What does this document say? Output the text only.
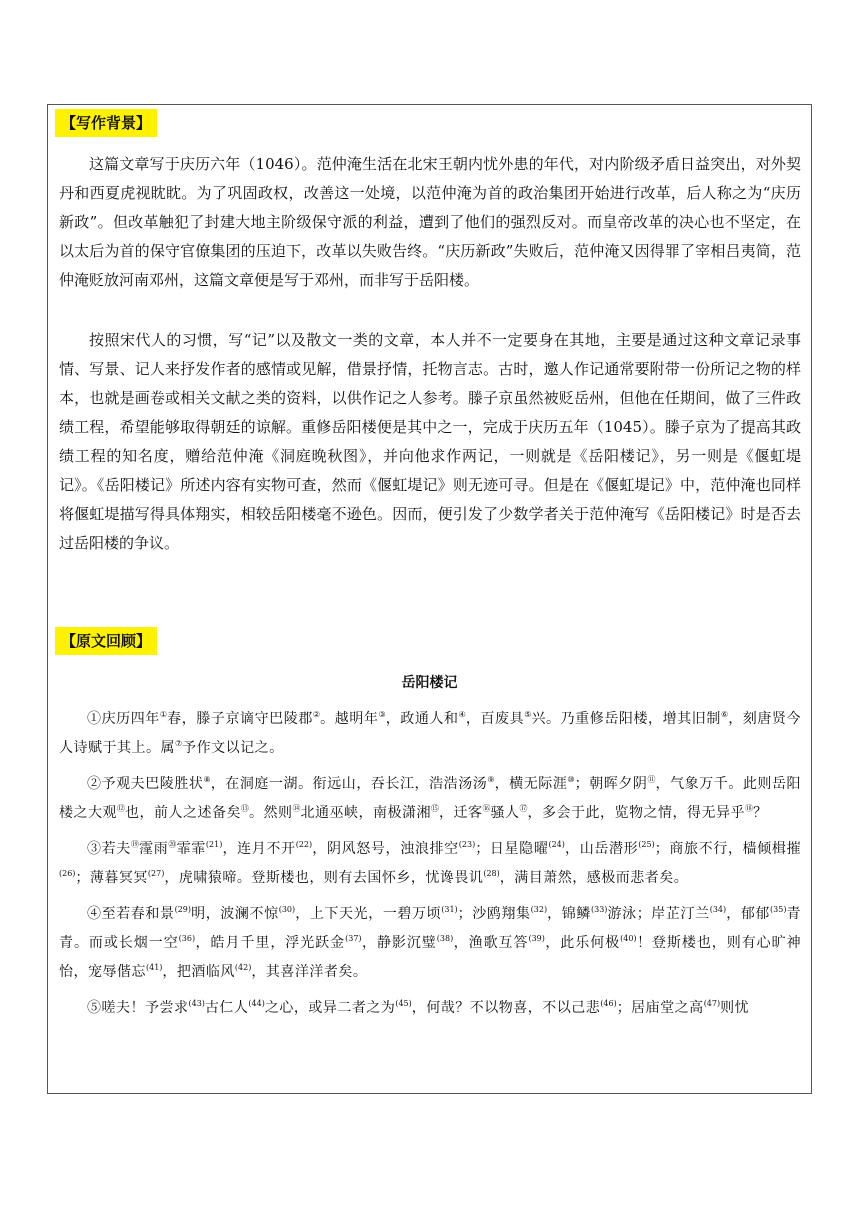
【写作背景】

这篇文章写于庆历六年（1046）。范仲淹生活在北宋王朝内忧外患的年代，对内阶级矛盾日益突出，对外契丹和西夏虎视眈眈。为了巩固政权，改善这一处境，以范仲淹为首的政治集团开始进行改革，后人称之为“庆历新政”。但改革触犯了封建大地主阶级保守派的利益，遭到了他们的强烈反对。而皇帝改革的决心也不坚定，在以太后为首的保守官僚集团的压迫下，改革以失败告终。“庆历新政”失败后，范仲淹又因得罪了宰相吕夷简，范仲淹贬放河南邓州，这篇文章便是写于邓州，而非写于岳阳楼。

按照宋代人的习惯，写“记”以及散文一类的文章，本人并不一定要身在其地，主要是通过这种文章记录事情、写景、记人来抒发作者的感情或见解，借景抒情，托物言志。古时，邀人作记通常要附带一份所记之物的样本，也就是画卷或相关文献之类的资料，以供作记之人参考。滕子京虽然被贬岳州，但他在任期间，做了三件政绩工程，希望能够取得朝廷的谅解。重修岳阳楼便是其中之一，完成于庆历五年（1045）。滕子京为了提高其政绩工程的知名度，赠给范仲淹《洞庭晚秋图》，并向他求作两记，一则就是《岳阳楼记》，另一则是《偃虹堤记》。《岳阳楼记》所述内容有实物可查，然而《偃虹堤记》则无迹可寻。但是在《偃虹堤记》中，范仲淹也同样将偃虹堤描写得具体翔实，相较岳阳楼毫不逊色。因而，便引发了少数学者关于范仲淹写《岳阳楼记》时是否去过岳阳楼的争议。

【原文回顾】
岳阳楼记

①庆历四年①春，滕子京谪守巴陵郡②。越明年③，政通人和④，百废具⑤兴。乃重修岳阳楼，增其旧制⑥，刻唐贤今人诗赋于其上。属⑦予作文以记之。

②予观夫巴陵胜状⑧，在洞庭一湖。衔远山，吞长江，浩浩汤汤⑨，横无际涯⑩；朝晖夕阴⑪，气象万千。此则岳阳楼之大观⑫也，前人之述备矣⑬。然则⑭北通巫峡，南极潇湘⑮，迁客⑯骚人⑰，多会于此，览物之情，得无异乎⑱？

③若夫⑲霪雨⑳霏霏$^{(21)}$，连月不开$^{(22)}$，阴风怒号，浊浪排空$^{(23)}$；日星隐曜$^{(24)}$，山岳潜形$^{(25)}$；商旅不行，樯倾楫摧$^{(26)}$；薄暮冥冥$^{(27)}$，虎啸猿啼。登斯楼也，则有去国怀乡，忧谗畏讥$^{(28)}$，满目萧然，感极而悲者矣。

④至若春和景$^{(29)}$明，波澜不惊$^{(30)}$，上下天光，一碧万顷$^{(31)}$；沙鸥翔集$^{(32)}$，锦鳞$^{(33)}$游泳；岸芷汀兰$^{(34)}$，郁郁$^{(35)}$青青。而或长烟一空$^{(36)}$，皓月千里，浮光跃金$^{(37)}$，静影沉璧$^{(38)}$，渔歌互答$^{(39)}$，此乐何极$^{(40)}$！登斯楼也，则有心旷神怡，宠辱偕忘$^{(41)}$，把酒临风$^{(42)}$，其喜洋洋者矣。

⑤嗟夫！予尝求$^{(43)}$古仁人$^{(44)}$之心，或异二者之为$^{(45)}$，何哉？不以物喜，不以己悲$^{(46)}$；居庙堂之高$^{(47)}$则忧
